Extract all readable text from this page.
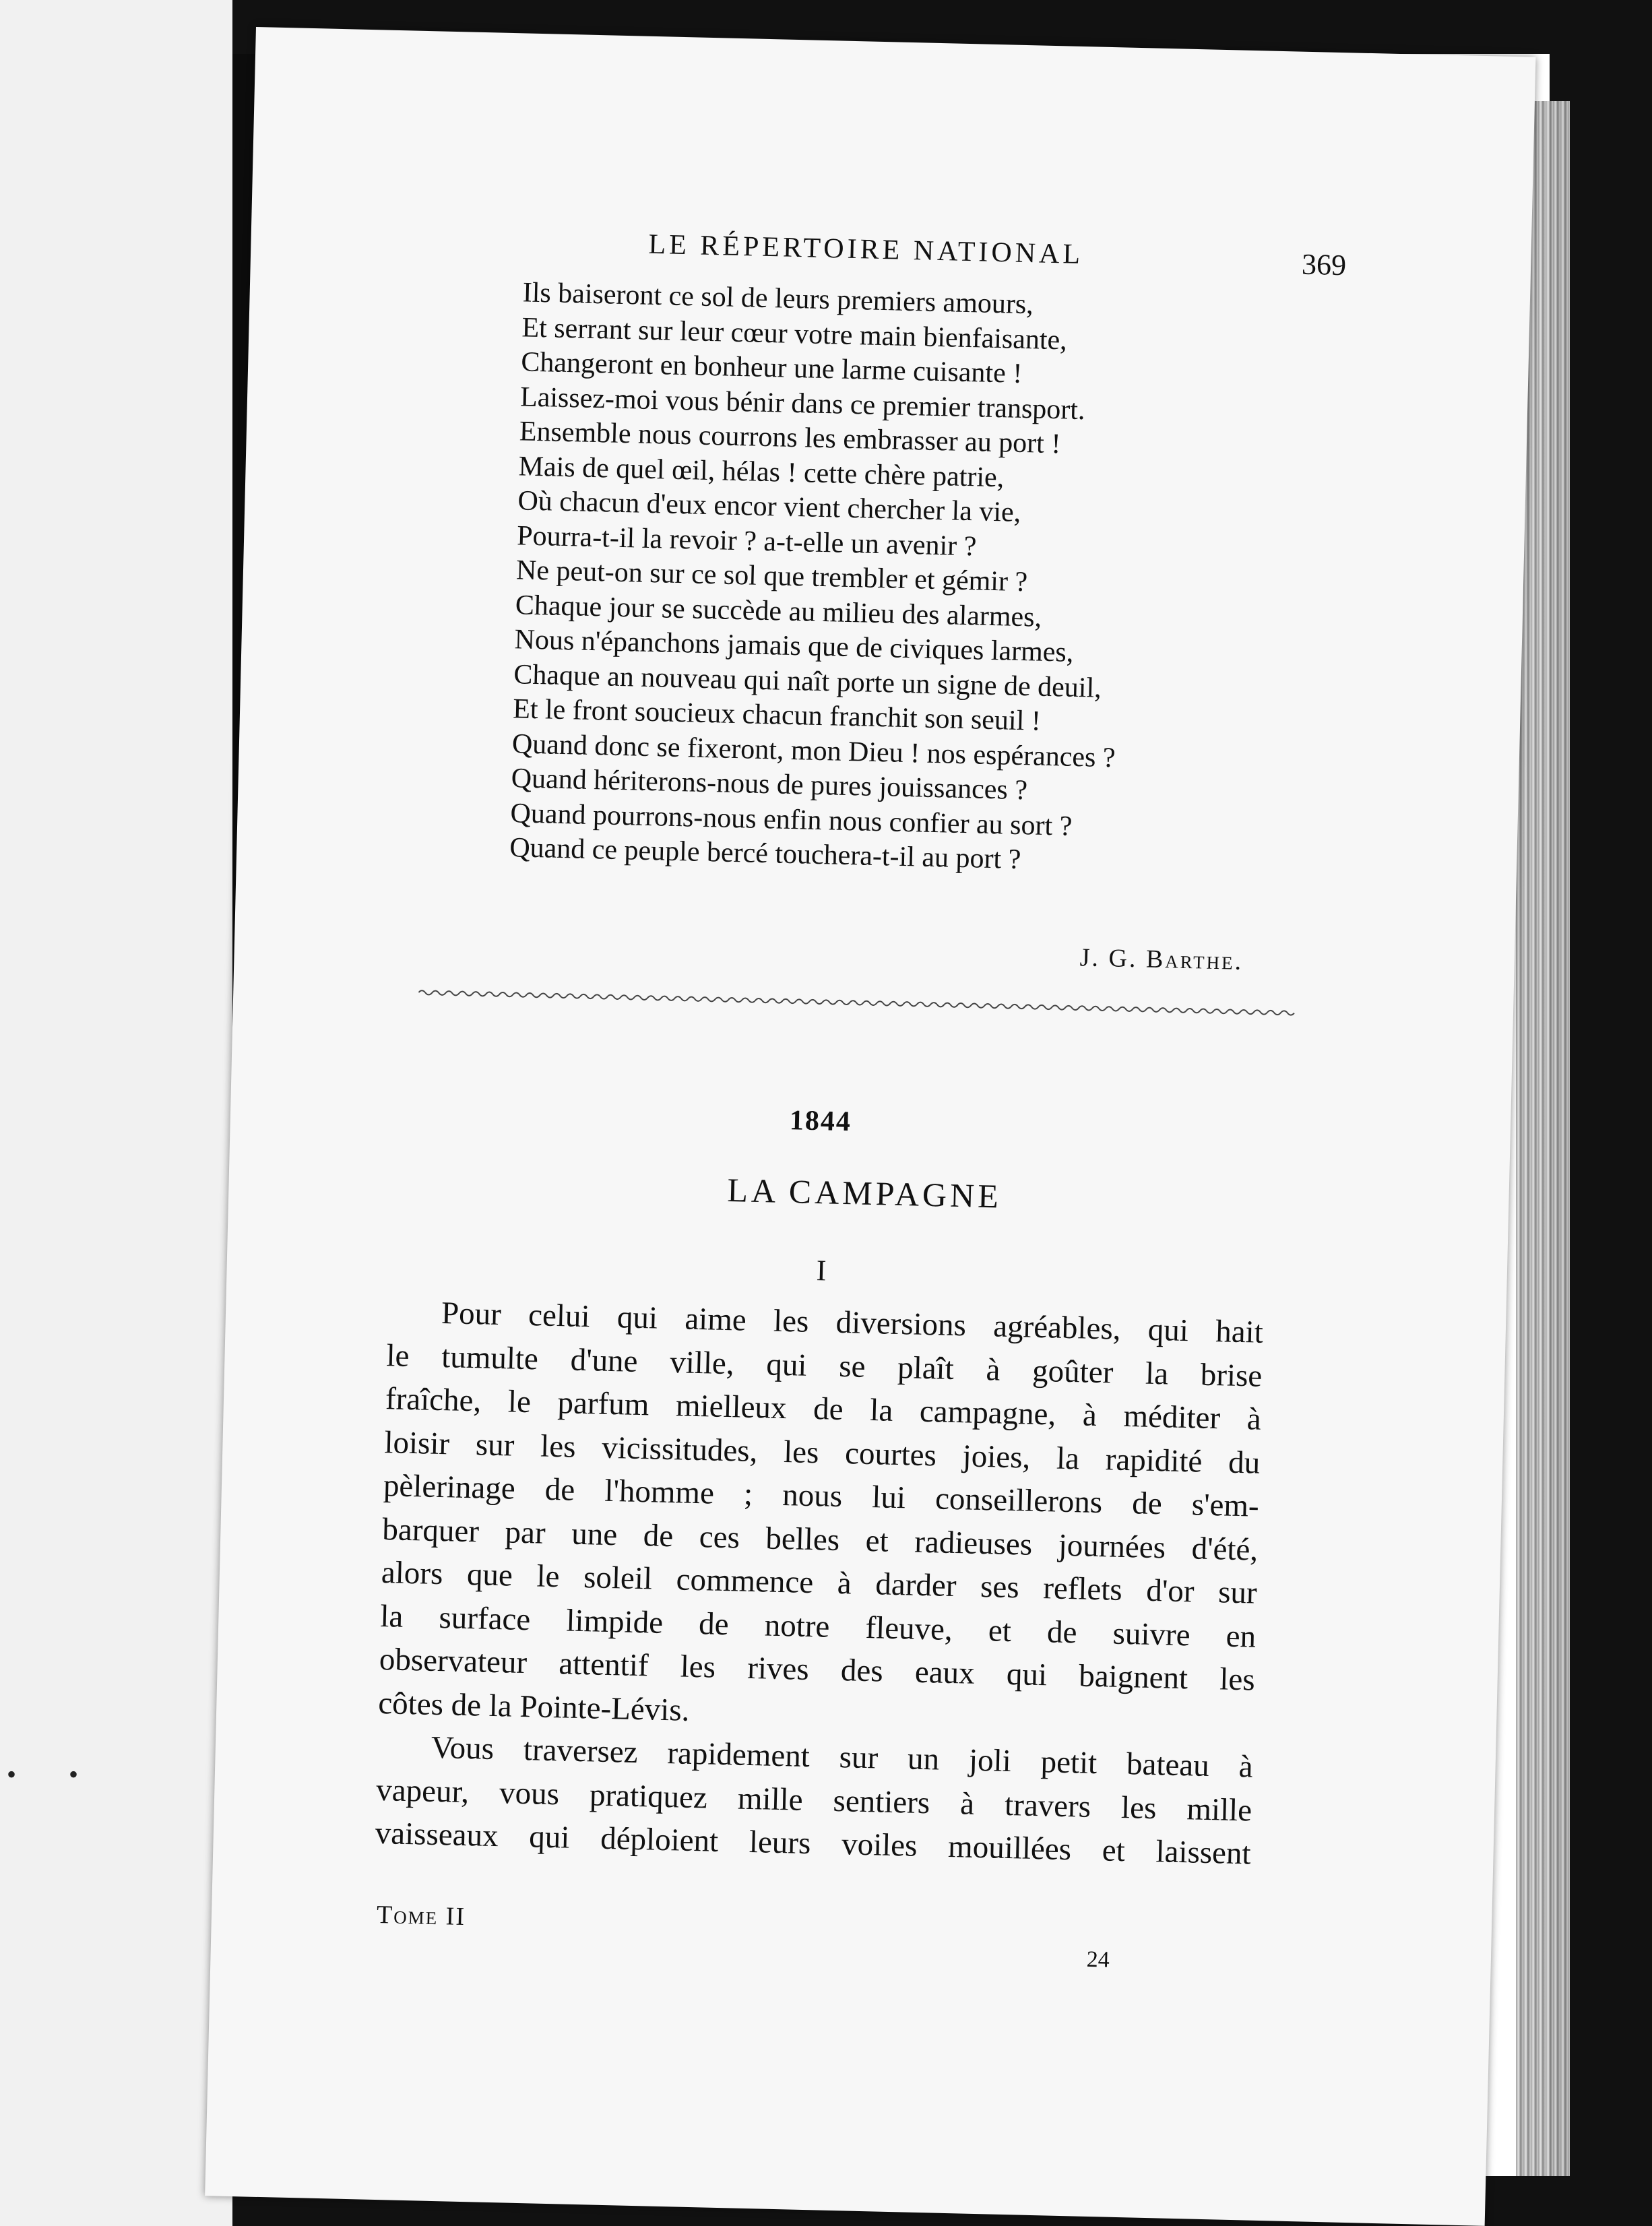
• •
LE RÉPERTOIRE NATIONAL	369
Ils baiseront ce sol de leurs premiers amours,
Et serrant sur leur cœur votre main bienfaisante,
Changeront en bonheur une larme cuisante !
Laissez-moi vous bénir dans ce premier transport.
Ensemble nous courrons les embrasser au port !
Mais de quel œil, hélas ! cette chère patrie,
Où chacun d'eux encor vient chercher la vie,
Pourra-t-il la revoir ? a-t-elle un avenir ?
Ne peut-on sur ce sol que trembler et gémir ?
Chaque jour se succède au milieu des alarmes,
Nous n'épanchons jamais que de civiques larmes,
Chaque an nouveau qui naît porte un signe de deuil,
Et le front soucieux chacun franchit son seuil !
Quand donc se fixeront, mon Dieu ! nos espérances ?
Quand hériterons-nous de pures jouissances ?
Quand pourrons-nous enfin nous confier au sort ?
Quand ce peuple bercé touchera-t-il au port ?
J. G. Barthe.
1844
LA CAMPAGNE
I
Pour celui qui aime les diversions agréables, qui hait
le tumulte d'une ville, qui se plaît à goûter la brise
fraîche, le parfum mielleux de la campagne, à méditer à
loisir sur les vicissitudes, les courtes joies, la rapidité du
pèlerinage de l'homme ; nous lui conseillerons de s'em-
barquer par une de ces belles et radieuses journées d'été,
alors que le soleil commence à darder ses reflets d'or sur
la surface limpide de notre fleuve, et de suivre en
observateur attentif les rives des eaux qui baignent les
côtes de la Pointe-Lévis.
Vous traversez rapidement sur un joli petit bateau à
vapeur, vous pratiquez mille sentiers à travers les mille
vaisseaux qui déploient leurs voiles mouillées et laissent
Tome II
24
